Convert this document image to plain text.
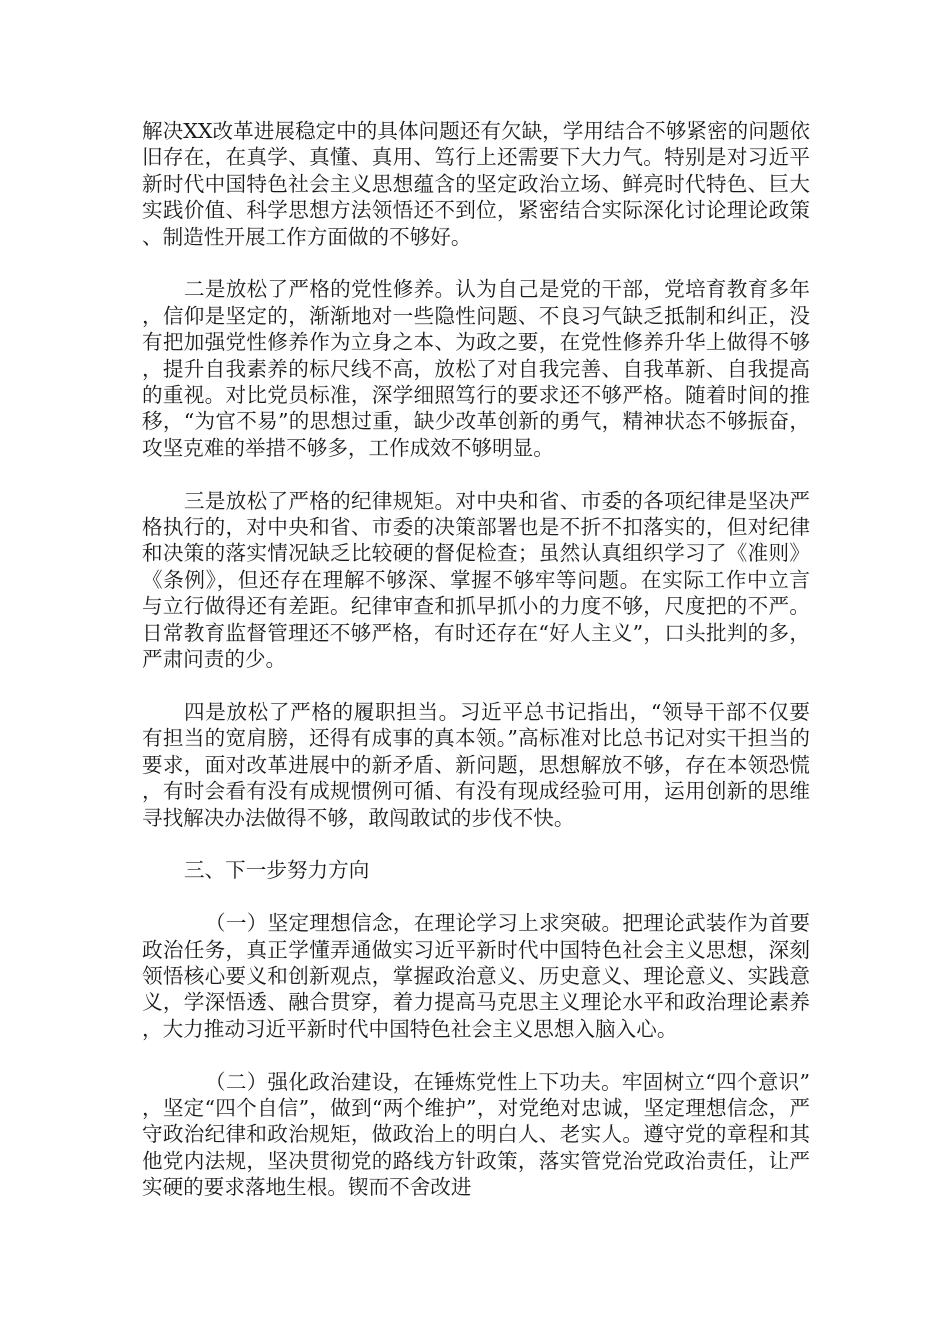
解决XX改革进展稳定中的具体问题还有欠缺，学用结合不够紧密的问题依旧存在，在真学、真懂、真用、笃行上还需要下大力气。特别是对习近平新时代中国特色社会主义思想蕴含的坚定政治立场、鲜亮时代特色、巨大实践价值、科学思想方法领悟还不到位，紧密结合实际深化讨论理论政策、制造性开展工作方面做的不够好。

二是放松了严格的党性修养。认为自己是党的干部，党培育教育多年，信仰是坚定的，渐渐地对一些隐性问题、不良习气缺乏抵制和纠正，没有把加强党性修养作为立身之本、为政之要，在党性修养升华上做得不够，提升自我素养的标尺线不高，放松了对自我完善、自我革新、自我提高的重视。对比党员标准，深学细照笃行的要求还不够严格。随着时间的推移，“为官不易”的思想过重，缺少改革创新的勇气，精神状态不够振奋，攻坚克难的举措不够多，工作成效不够明显。

三是放松了严格的纪律规矩。对中央和省、市委的各项纪律是坚决严格执行的，对中央和省、市委的决策部署也是不折不扣落实的，但对纪律和决策的落实情况缺乏比较硬的督促检查；虽然认真组织学习了《准则》《条例》，但还存在理解不够深、掌握不够牢等问题。在实际工作中立言与立行做得还有差距。纪律审查和抓早抓小的力度不够，尺度把的不严。日常教育监督管理还不够严格，有时还存在“好人主义”，口头批判的多，严肃问责的少。

四是放松了严格的履职担当。习近平总书记指出，“领导干部不仅要有担当的宽肩膀，还得有成事的真本领。”高标准对比总书记对实干担当的要求，面对改革进展中的新矛盾、新问题，思想解放不够，存在本领恐慌，有时会看有没有成规惯例可循、有没有现成经验可用，运用创新的思维寻找解决办法做得不够，敢闯敢试的步伐不快。

三、下一步努力方向

（一）坚定理想信念，在理论学习上求突破。把理论武装作为首要政治任务，真正学懂弄通做实习近平新时代中国特色社会主义思想，深刻领悟核心要义和创新观点，掌握政治意义、历史意义、理论意义、实践意义，学深悟透、融合贯穿，着力提高马克思主义理论水平和政治理论素养，大力推动习近平新时代中国特色社会主义思想入脑入心。

（二）强化政治建设，在锤炼党性上下功夫。牢固树立“四个意识”，坚定“四个自信”，做到“两个维护”，对党绝对忠诚，坚定理想信念，严守政治纪律和政治规矩，做政治上的明白人、老实人。遵守党的章程和其他党内法规，坚决贯彻党的路线方针政策，落实管党治党政治责任，让严实硬的要求落地生根。锲而不舍改进
